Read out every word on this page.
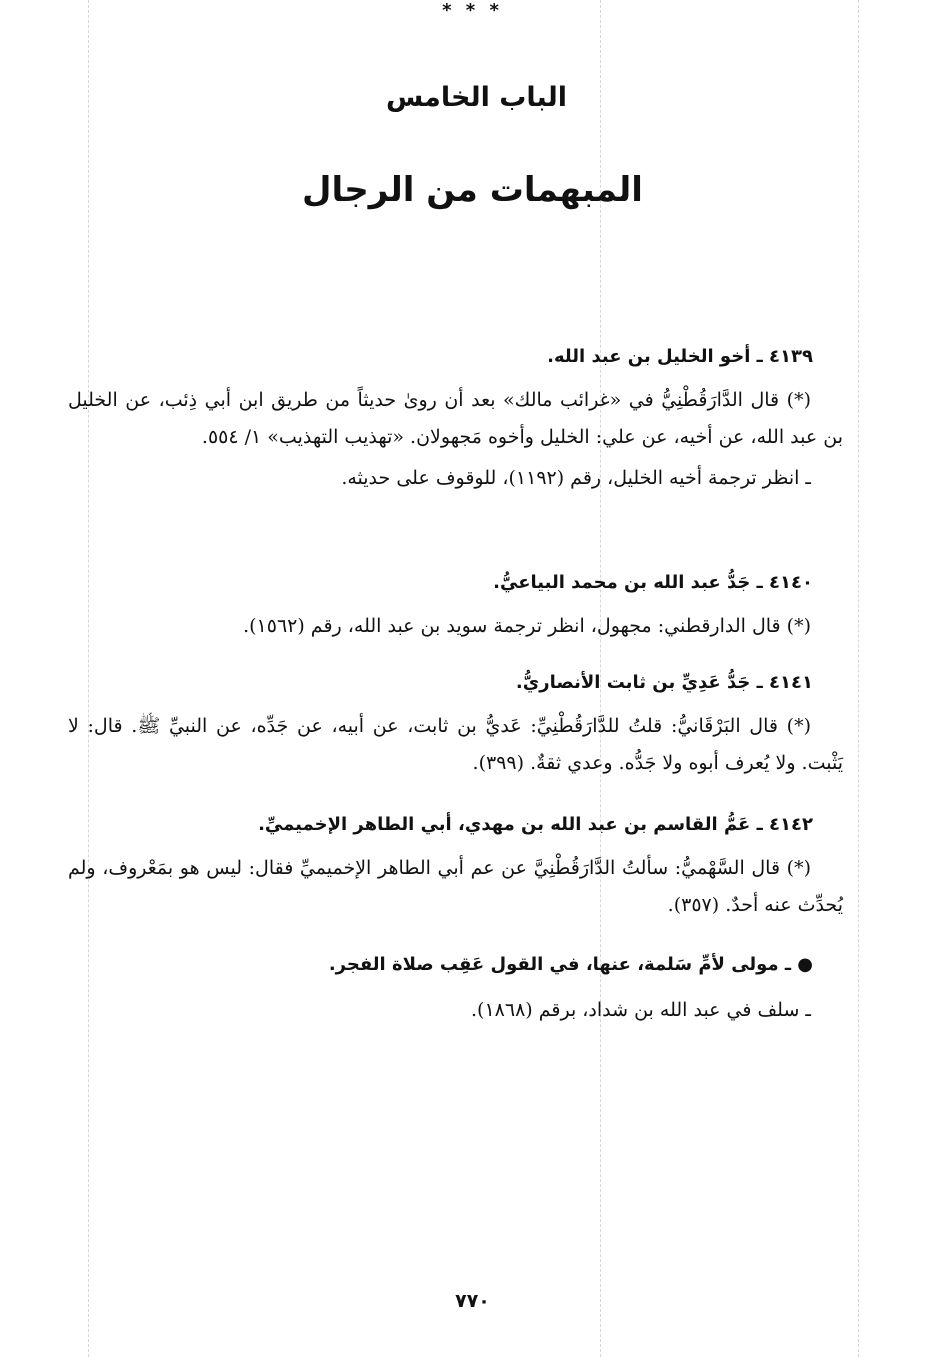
الباب الخامس
المبهمات من الرجال
٤١٣٩ ـ أخو الخليل بن عبد الله.

(*) قال الدَّارَقُطْنِيُّ في «غرائب مالك» بعد أن روىٰ حديثاً من طريق ابن أبي ذِئب، عن الخليل بن عبد الله، عن أخيه، عن علي: الخليل وأخوه مَجهولان. «تهذيب التهذيب» ١/ ٥٥٤.

ـ انظر ترجمة أخيه الخليل، رقم (١١٩٢)، للوقوف على حديثه.

٤١٤٠ ـ جَدُّ عبد الله بن محمد البياعيُّ.

(*) قال الدارقطني: مجهول، انظر ترجمة سويد بن عبد الله، رقم (١٥٦٢).

٤١٤١ ـ جَدُّ عَدِيِّ بن ثابت الأنصاريُّ.

(*) قال البَرْقَانيُّ: قلتُ للدَّارَقُطْنِيِّ: عَديُّ بن ثابت، عن أبيه، عن جَدِّه، عن النبيِّ ﷺ. قال: لا يَثْبت. ولا يُعرف أبوه ولا جَدُّه. وعدي ثقةٌ. (٣٩٩).

٤١٤٢ ـ عَمُّ القاسم بن عبد الله بن مهدي، أبي الطاهر الإخميميِّ.

(*) قال السَّهْميُّ: سألتُ الدَّارَقُطْنِيَّ عن عم أبي الطاهر الإخميميِّ فقال: ليس هو بمَعْروف، ولم يُحدِّث عنه أحدٌ. (٣٥٧).

● ـ مولى لأمِّ سَلمة، عنها، في القول عَقِب صلاة الفجر.

ـ سلف في عبد الله بن شداد، برقم (١٨٦٨).

* * *
٧٧٠
